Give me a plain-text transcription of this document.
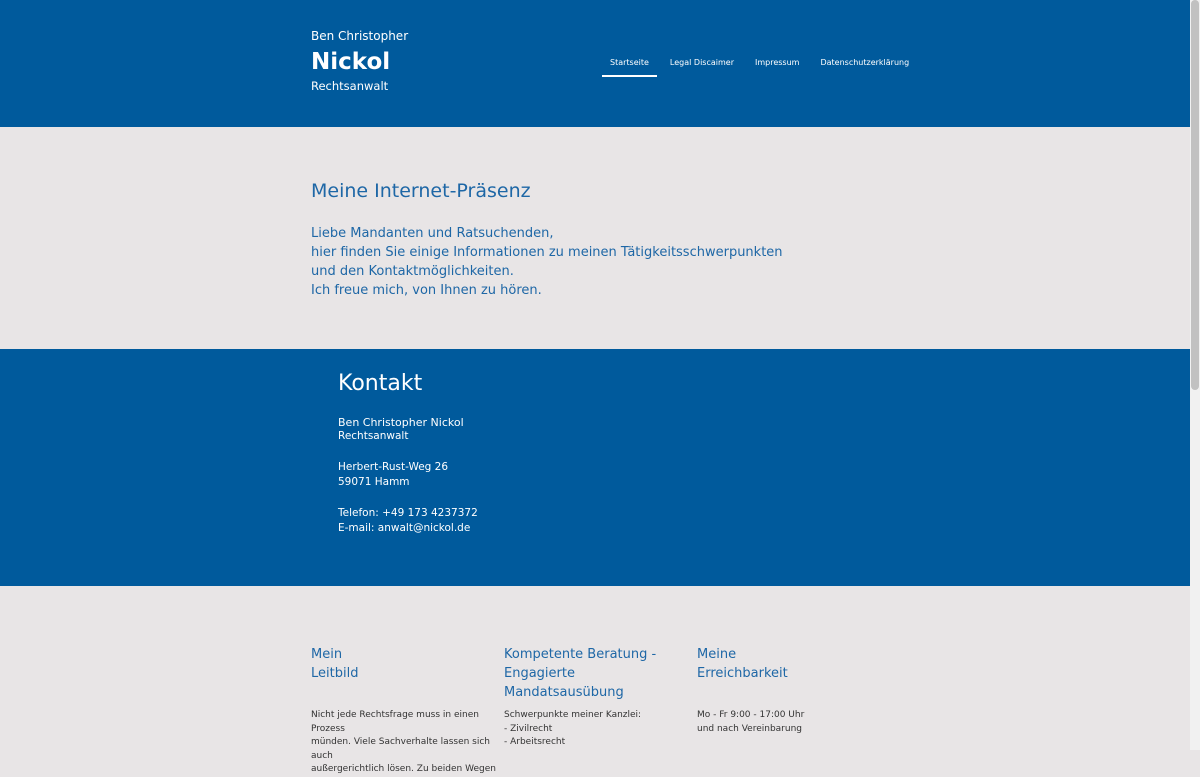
Ben Christopher
Nickol
Rechtsanwalt
Startseite	Legal Discaimer	Impressum	Datenschutzerklärung
Meine Internet-Präsenz

Liebe Mandanten und Ratsuchenden,
hier finden Sie einige Informationen zu meinen Tätigkeitsschwerpunkten und den Kontaktmöglichkeiten.
Ich freue mich, von Ihnen zu hören.

Kontakt
Ben Christopher Nickol
Rechtsanwalt
Herbert-Rust-Weg 26
59071 Hamm
Telefon: +49 173 4237372
E-mail: anwalt@nickol.de
Mein
Leitbild

Nicht jede Rechtsfrage muss in einen Prozess
münden. Viele Sachverhalte lassen sich auch
außergerichtlich lösen. Zu beiden Wegen

Kompetente Beratung -
Engagierte Mandatsausübung

Schwerpunkte meiner Kanzlei:
- Zivilrecht
- Arbeitsrecht

Meine
Erreichbarkeit

Mo - Fr 9:00 - 17:00 Uhr
und nach Vereinbarung
